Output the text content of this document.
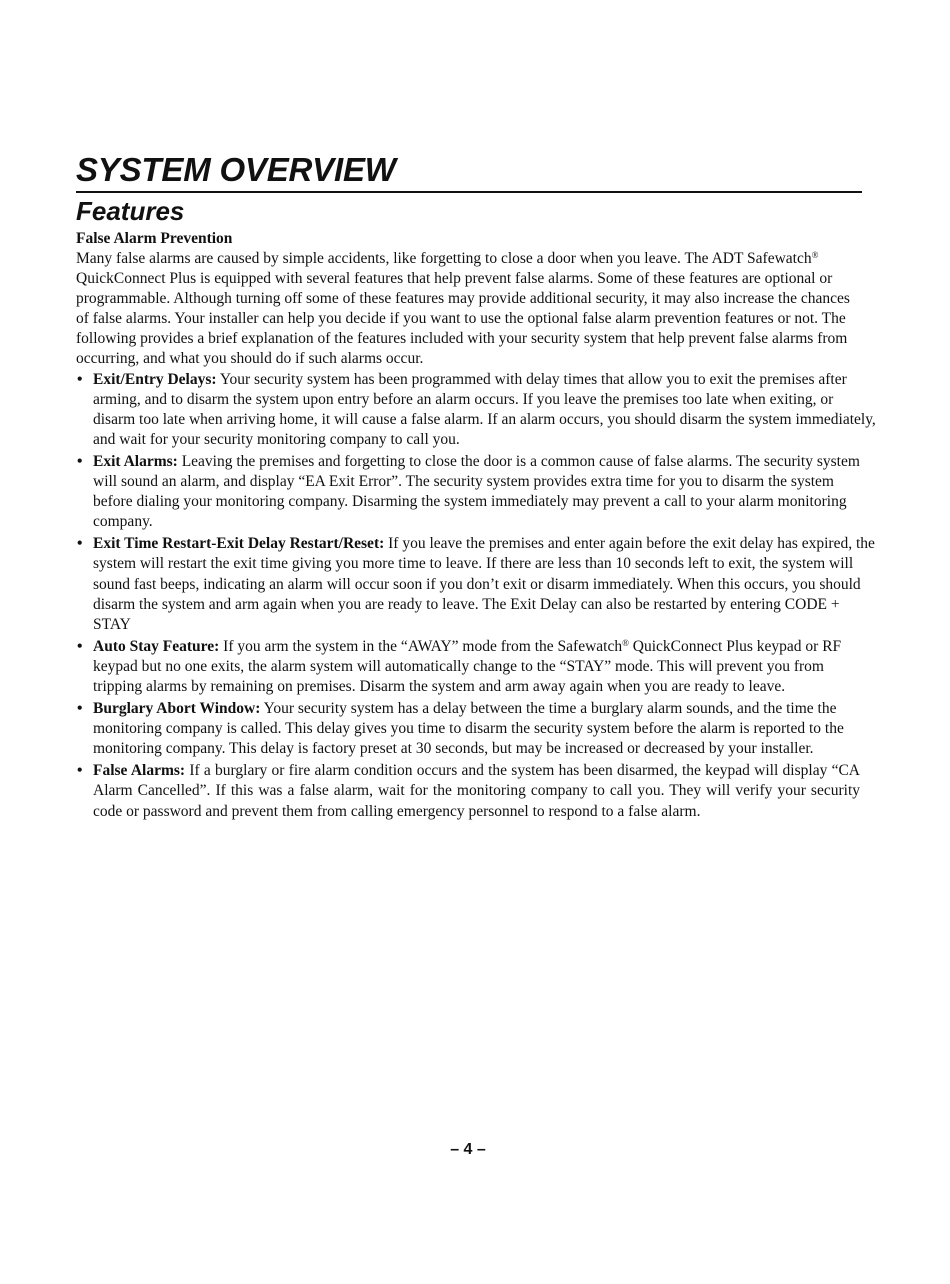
SYSTEM OVERVIEW
Features
False Alarm Prevention

Many false alarms are caused by simple accidents, like forgetting to close a door when you leave. The ADT Safewatch® QuickConnect Plus is equipped with several features that help prevent false alarms. Some of these features are optional or programmable. Although turning off some of these features may provide additional security, it may also increase the chances of false alarms. Your installer can help you decide if you want to use the optional false alarm prevention features or not. The following provides a brief explanation of the features included with your security system that help prevent false alarms from occurring, and what you should do if such alarms occur.

• Exit/Entry Delays: Your security system has been programmed with delay times that allow you to exit the premises after arming, and to disarm the system upon entry before an alarm occurs. If you leave the premises too late when exiting, or disarm too late when arriving home, it will cause a false alarm. If an alarm occurs, you should disarm the system immediately, and wait for your security monitoring company to call you.
• Exit Alarms: Leaving the premises and forgetting to close the door is a common cause of false alarms. The security system will sound an alarm, and display “EA Exit Error”. The security system provides extra time for you to disarm the system before dialing your monitoring company. Disarming the system immediately may prevent a call to your alarm monitoring company.
• Exit Time Restart-Exit Delay Restart/Reset: If you leave the premises and enter again before the exit delay has expired, the system will restart the exit time giving you more time to leave. If there are less than 10 seconds left to exit, the system will sound fast beeps, indicating an alarm will occur soon if you don’t exit or disarm immediately. When this occurs, you should disarm the system and arm again when you are ready to leave. The Exit Delay can also be restarted by entering CODE + STAY
• Auto Stay Feature: If you arm the system in the “AWAY” mode from the Safewatch® QuickConnect Plus keypad or RF keypad but no one exits, the alarm system will automatically change to the “STAY” mode. This will prevent you from tripping alarms by remaining on premises. Disarm the system and arm away again when you are ready to leave.
• Burglary Abort Window: Your security system has a delay between the time a burglary alarm sounds, and the time the monitoring company is called. This delay gives you time to disarm the security system before the alarm is reported to the monitoring company. This delay is factory preset at 30 seconds, but may be increased or decreased by your installer.
• False Alarms: If a burglary or fire alarm condition occurs and the system has been disarmed, the keypad will display “CA Alarm Cancelled”. If this was a false alarm, wait for the monitoring company to call you. They will verify your security code or password and prevent them from calling emergency personnel to respond to a false alarm.
– 4 –
